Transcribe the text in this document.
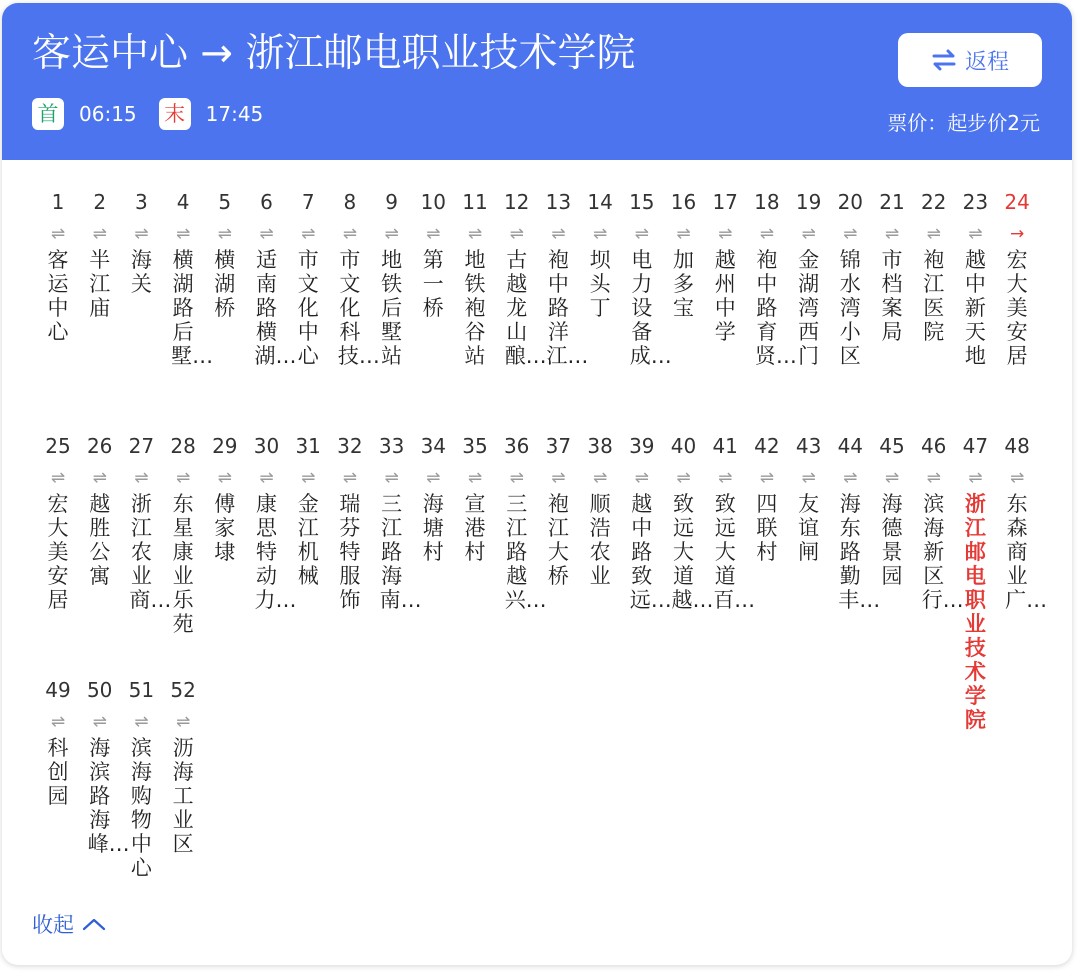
客运中心 → 浙江邮电职业技术学院
首 06:15 末 17:45
返程
票价：起步价2元
1
⇌
客运中心
2
⇌
半江庙
3
⇌
海关
4
⇌
横湖路后墅…
5
⇌
横湖桥
6
⇌
适南路横湖…
7
⇌
市文化中心
8
⇌
市文化科技…
9
⇌
地铁后墅站
10
⇌
第一桥
11
⇌
地铁袍谷站
12
⇌
古越龙山酿…
13
⇌
袍中路洋江…
14
⇌
坝头丁
15
⇌
电力设备成…
16
⇌
加多宝
17
⇌
越州中学
18
⇌
袍中路育贤…
19
⇌
金湖湾西门
20
⇌
锦水湾小区
21
⇌
市档案局
22
⇌
袍江医院
23
⇌
越中新天地
24
→
宏大美安居
25
⇌
宏大美安居
26
⇌
越胜公寓
27
⇌
浙江农业商…
28
⇌
东星康业乐苑
29
⇌
傅家埭
30
⇌
康思特动力…
31
⇌
金江机械
32
⇌
瑞芬特服饰
33
⇌
三江路海南…
34
⇌
海塘村
35
⇌
宣港村
36
⇌
三江路越兴…
37
⇌
袍江大桥
38
⇌
顺浩农业
39
⇌
越中路致远…
40
⇌
致远大道越…
41
⇌
致远大道百…
42
⇌
四联村
43
⇌
友谊闸
44
⇌
海东路勤丰…
45
⇌
海德景园
46
⇌
滨海新区行…
47
⇌
浙江邮电职业技术学院
48
⇌
东森商业广…
49
⇌
科创园
50
⇌
海滨路海峰…
51
⇌
滨海购物中心
52
⇌
沥海工业区
收起
